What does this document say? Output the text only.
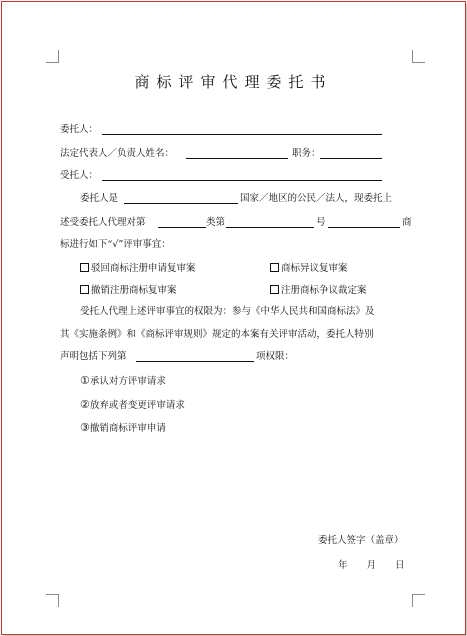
商标评审代理委托书
委托人：
法定代表人／负责人姓名：	职务：
受托人：
委托人是	国家／地区的公民／法人，现委托上
述受委托人代理对第	类第	号	商
标进行如下“√”评审事宜：
驳回商标注册申请复审案	商标异议复审案
撤销注册商标复审案	注册商标争议裁定案
受托人代理上述评审事宜的权限为：参与《中华人民共和国商标法》及
其《实施条例》和《商标评审规则》规定的本案有关评审活动，委托人特别
声明包括下列第	项权限：
①承认对方评审请求
②放弃或者变更评审请求
③撤销商标评审申请
委托人签字（盖章）
年　　月　　日
